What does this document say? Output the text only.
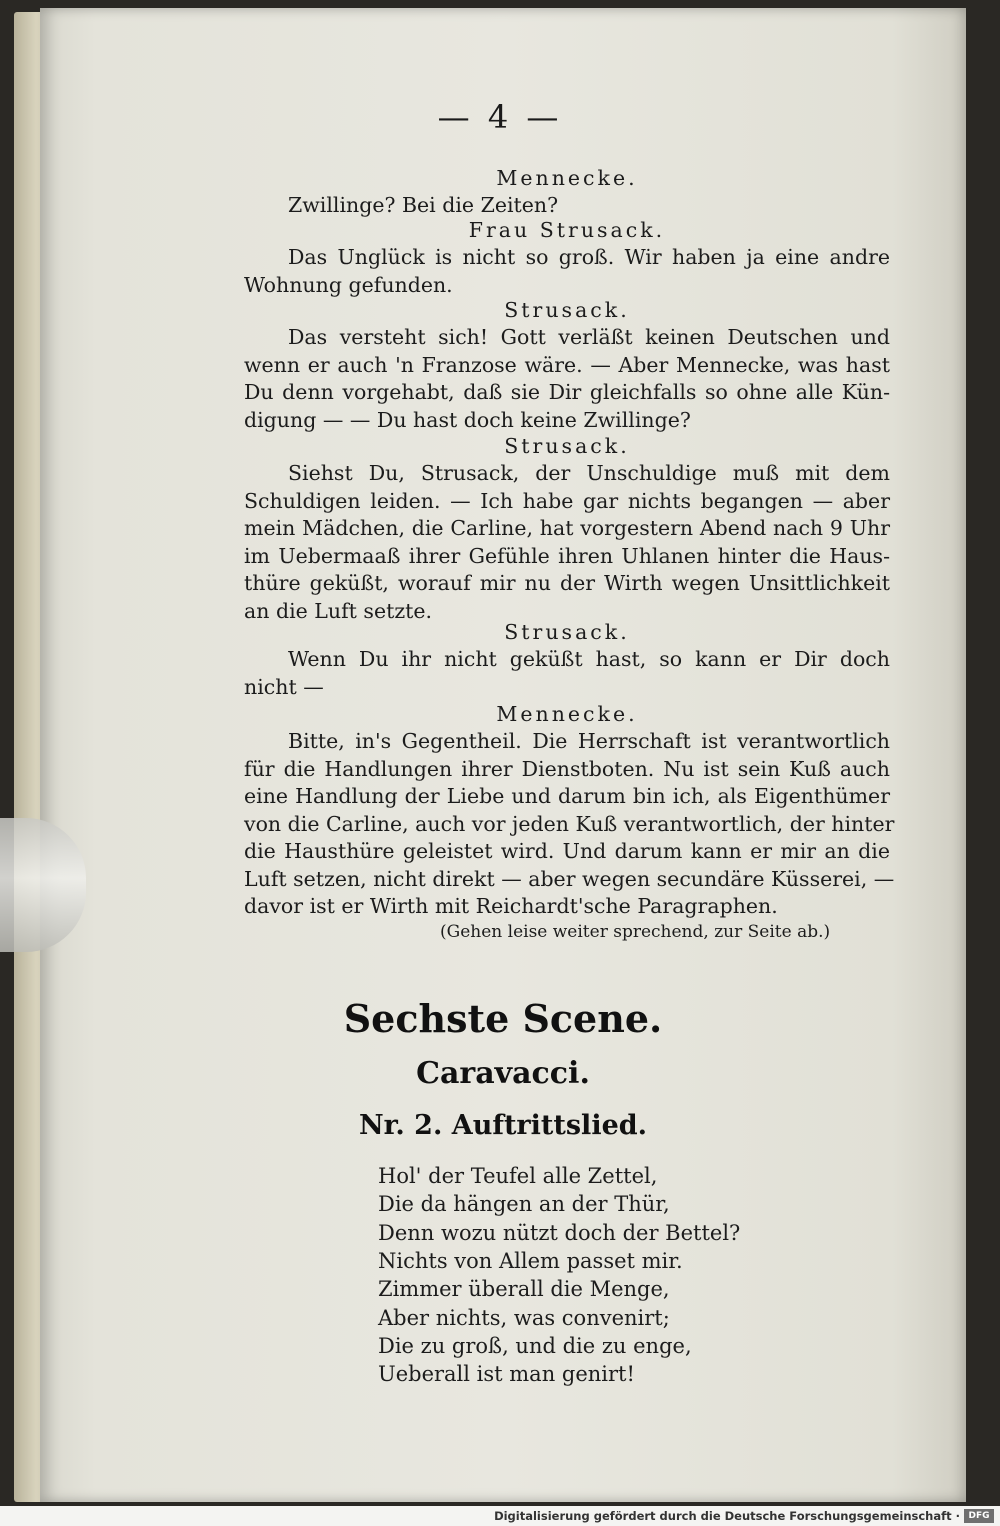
— 4 —
Mennecke.
Zwillinge? Bei die Zeiten?
Frau Strusack.
Das Unglück is nicht so groß. Wir haben ja eine andre
Wohnung gefunden.
Strusack.
Das versteht sich! Gott verläßt keinen Deutschen und
wenn er auch 'n Franzose wäre. — Aber Mennecke, was hast
Du denn vorgehabt, daß sie Dir gleichfalls so ohne alle Kün-
digung — — Du hast doch keine Zwillinge?
Strusack.
Siehst Du, Strusack, der Unschuldige muß mit dem
Schuldigen leiden. — Ich habe gar nichts begangen — aber
mein Mädchen, die Carline, hat vorgestern Abend nach 9 Uhr
im Uebermaaß ihrer Gefühle ihren Uhlanen hinter die Haus-
thüre geküßt, worauf mir nu der Wirth wegen Unsittlichkeit
an die Luft setzte.
Strusack.
Wenn Du ihr nicht geküßt hast, so kann er Dir doch
nicht —
Mennecke.
Bitte, in's Gegentheil. Die Herrschaft ist verantwortlich
für die Handlungen ihrer Dienstboten. Nu ist sein Kuß auch
eine Handlung der Liebe und darum bin ich, als Eigenthümer
von die Carline, auch vor jeden Kuß verantwortlich, der hinter
die Hausthüre geleistet wird. Und darum kann er mir an die
Luft setzen, nicht direkt — aber wegen secundäre Küsserei, —
davor ist er Wirth mit Reichardt'sche Paragraphen.
(Gehen leise weiter sprechend, zur Seite ab.)
Sechste Scene.
Caravacci.
Nr. 2. Auftrittslied.
Hol' der Teufel alle Zettel,
Die da hängen an der Thür,
Denn wozu nützt doch der Bettel?
Nichts von Allem passet mir.
Zimmer überall die Menge,
Aber nichts, was convenirt;
Die zu groß, und die zu enge,
Ueberall ist man genirt!
Digitalisierung gefördert durch die Deutsche Forschungsgemeinschaft · DFG
